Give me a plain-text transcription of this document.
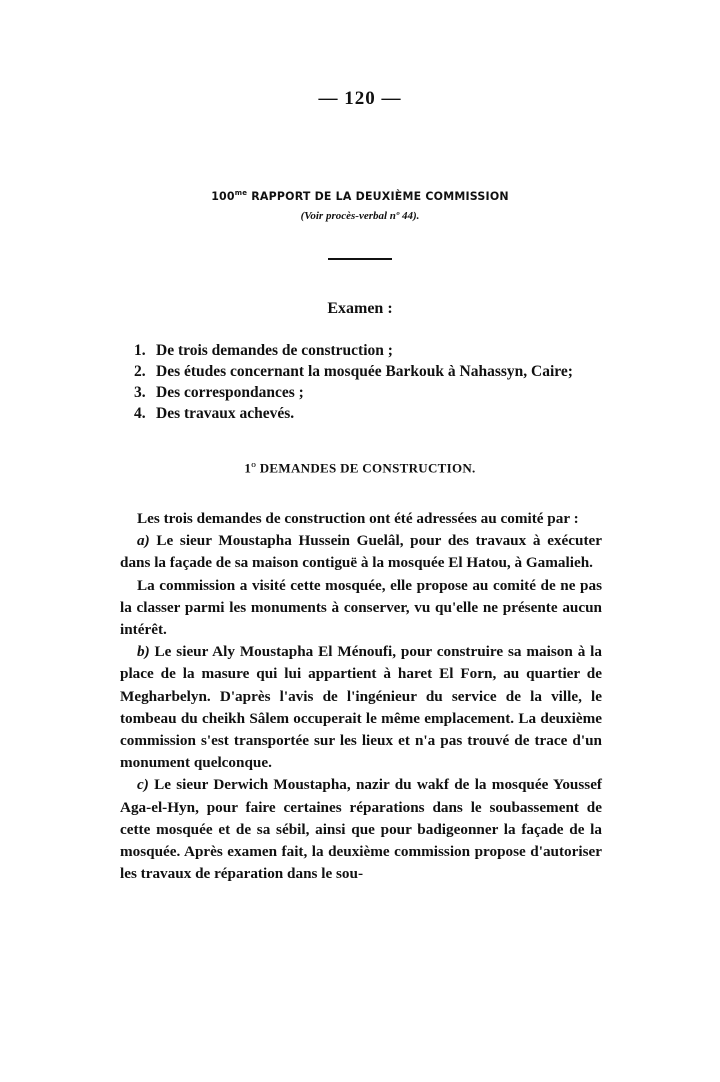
— 120 —
$100^{me}$ RAPPORT DE LA DEUXIÈME COMMISSION
(Voir procès-verbal nº 44).
Examen :
1. De trois demandes de construction ;
2. Des études concernant la mosquée Barkouk à Nahassyn, Caire;
3. Des correspondances ;
4. Des travaux achevés.
1$^o$ DEMANDES DE CONSTRUCTION.

Les trois demandes de construction ont été adressées au comité par :

a) Le sieur Moustapha Hussein Guelâl, pour des travaux à exécuter dans la façade de sa maison contiguë à la mosquée El Hatou, à Gamalieh.

La commission a visité cette mosquée, elle propose au comité de ne pas la classer parmi les monuments à conserver, vu qu'elle ne présente aucun intérêt.

b) Le sieur Aly Moustapha El Ménoufi, pour construire sa maison à la place de la masure qui lui appartient à haret El Forn, au quartier de Megharbelyn. D'après l'avis de l'ingénieur du service de la ville, le tombeau du cheikh Sâlem occuperait le même emplacement. La deuxième commission s'est transportée sur les lieux et n'a pas trouvé de trace d'un monument quelconque.

c) Le sieur Derwich Moustapha, nazir du wakf de la mosquée Youssef Aga-el-Hyn, pour faire certaines réparations dans le soubassement de cette mosquée et de sa sébil, ainsi que pour badigeonner la façade de la mosquée. Après examen fait, la deuxième commission propose d'autoriser les travaux de réparation dans le sou-
